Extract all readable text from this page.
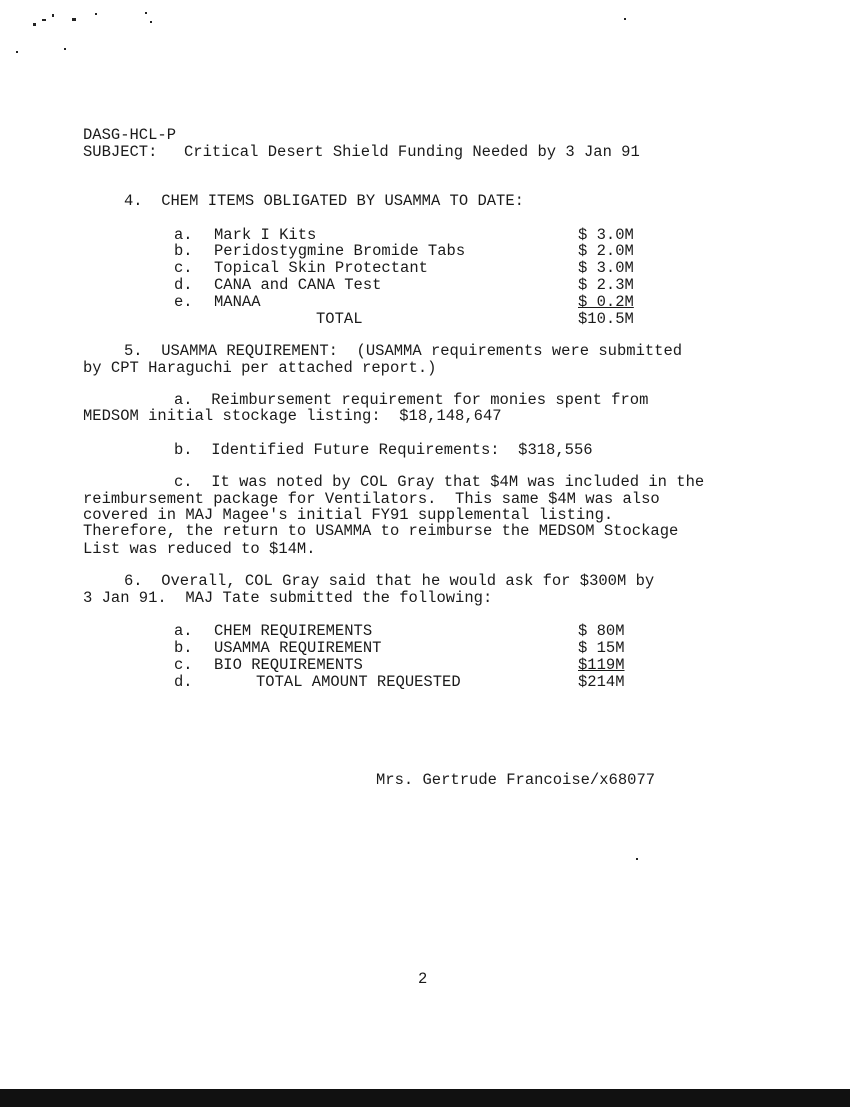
DASG-HCL-P
SUBJECT: Critical Desert Shield Funding Needed by 3 Jan 91
4.  CHEM ITEMS OBLIGATED BY USAMMA TO DATE:
a. Mark I Kits	$ 3.0M
b. Peridostygmine Bromide Tabs	$ 2.0M
c. Topical Skin Protectant	$ 3.0M
d. CANA and CANA Test	$ 2.3M
e. MANAA	$ 0.2M
TOTAL	$10.5M
5.  USAMMA REQUIREMENT:  (USAMMA requirements were submitted
by CPT Haraguchi per attached report.)
a.  Reimbursement requirement for monies spent from
MEDSOM initial stockage listing:  $18,148,647
b.  Identified Future Requirements:  $318,556
c.  It was noted by COL Gray that $4M was included in the
reimbursement package for Ventilators.  This same $4M was also
covered in MAJ Magee's initial FY91 supplemental listing.
Therefore, the return to USAMMA to reimburse the MEDSOM Stockage
List was reduced to $14M.
6.  Overall, COL Gray said that he would ask for $300M by
3 Jan 91.  MAJ Tate submitted the following:
a. CHEM REQUIREMENTS	$ 80M
b. USAMMA REQUIREMENT	$ 15M
c. BIO REQUIREMENTS	$119M
d.	TOTAL AMOUNT REQUESTED	$214M
Mrs. Gertrude Francoise/x68077
2
